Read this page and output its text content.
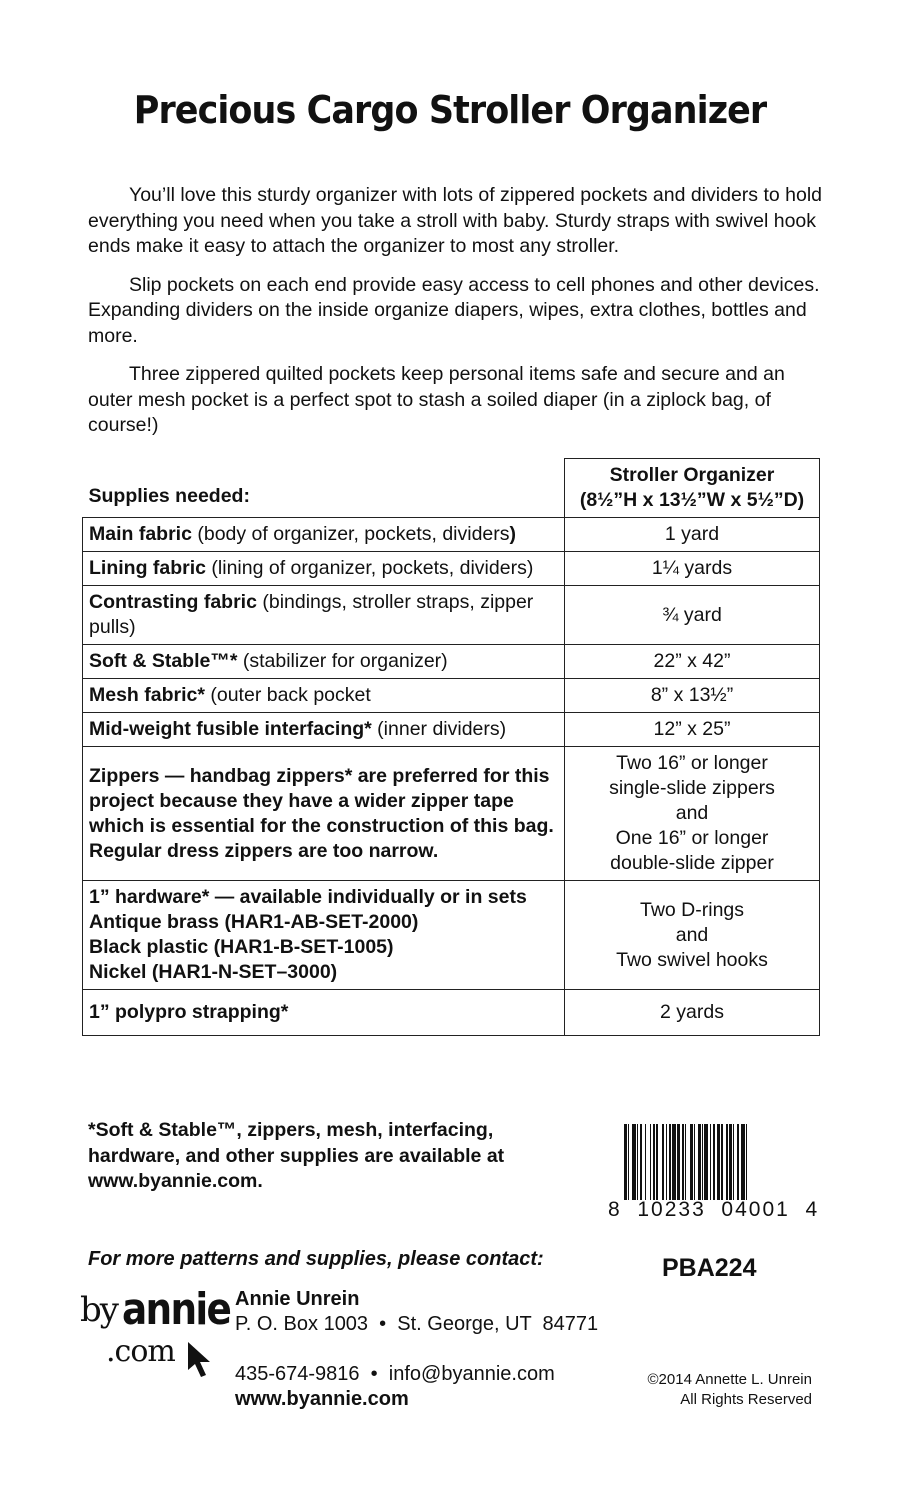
Precious Cargo Stroller Organizer

You’ll love this sturdy organizer with lots of zippered pockets and dividers to hold everything you need when you take a stroll with baby. Sturdy straps with swivel hook ends make it easy to attach the organizer to most any stroller.

Slip pockets on each end provide easy access to cell phones and other devices. Expanding dividers on the inside organize diapers, wipes, extra clothes, bottles and more.

Three zippered quilted pockets keep personal items safe and secure and an outer mesh pocket is a perfect spot to stash a soiled diaper (in a ziplock bag, of course!)

Supplies needed:	Stroller Organizer
(8½”H x 13½”W x 5½”D)
Main fabric (body of organizer, pockets, dividers)	1 yard
Lining fabric (lining of organizer, pockets, dividers)	1¼ yards
Contrasting fabric (bindings, stroller straps, zipper pulls)	¾ yard
Soft & Stable™* (stabilizer for organizer)	22” x 42”
Mesh fabric* (outer back pocket	8” x 13½”
Mid-weight fusible interfacing* (inner dividers)	12” x 25”
Zippers — handbag zippers* are preferred for this project because they have a wider zipper tape which is essential for the construction of this bag. Regular dress zippers are too narrow.	Two 16” or longer
single-slide zippers
and
One 16” or longer
double-slide zipper
1” hardware* — available individually or in sets
Antique brass (HAR1-AB-SET-2000)
Black plastic (HAR1-B-SET-1005)
Nickel (HAR1-N-SET–3000)	Two D-rings
and
Two swivel hooks
1” polypro strapping*	2 yards
*Soft & Stable™, zippers, mesh, interfacing, hardware, and other supplies are available at www.byannie.com.
8  10233  04001  4
PBA224
For more patterns and supplies, please contact:
by annie
.com
Annie Unrein
P. O. Box 1003  •  St. George, UT  84771
435-674-9816  •  info@byannie.com
www.byannie.com
©2014 Annette L. Unrein
All Rights Reserved
